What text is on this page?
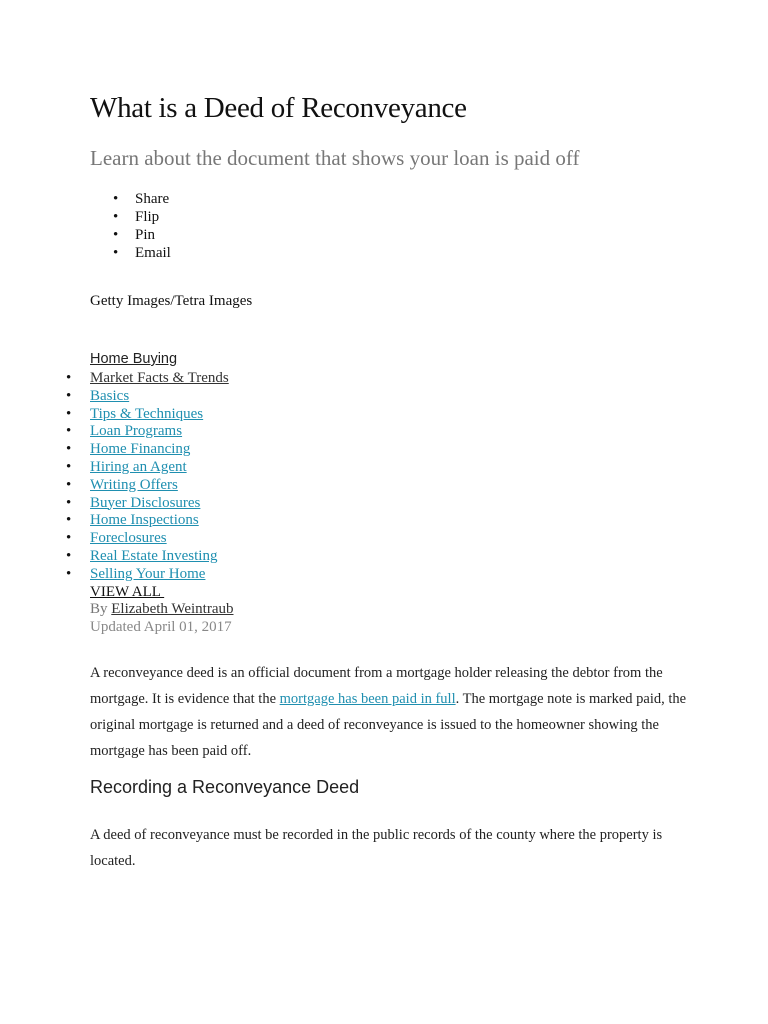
What is a Deed of Reconveyance
Learn about the document that shows your loan is paid off
• Share
• Flip
• Pin
• Email

Getty Images/Tetra Images

Home Buying
• Market Facts & Trends
• Basics
• Tips & Techniques
• Loan Programs
• Home Financing
• Hiring an Agent
• Writing Offers
• Buyer Disclosures
• Home Inspections
• Foreclosures
• Real Estate Investing
• Selling Your Home
VIEW ALL
By Elizabeth Weintraub
Updated April 01, 2017

A reconveyance deed is an official document from a mortgage holder releasing the debtor from the mortgage. It is evidence that the mortgage has been paid in full. The mortgage note is marked paid, the original mortgage is returned and a deed of reconveyance is issued to the homeowner showing the mortgage has been paid off.

Recording a Reconveyance Deed

A deed of reconveyance must be recorded in the public records of the county where the property is located.
